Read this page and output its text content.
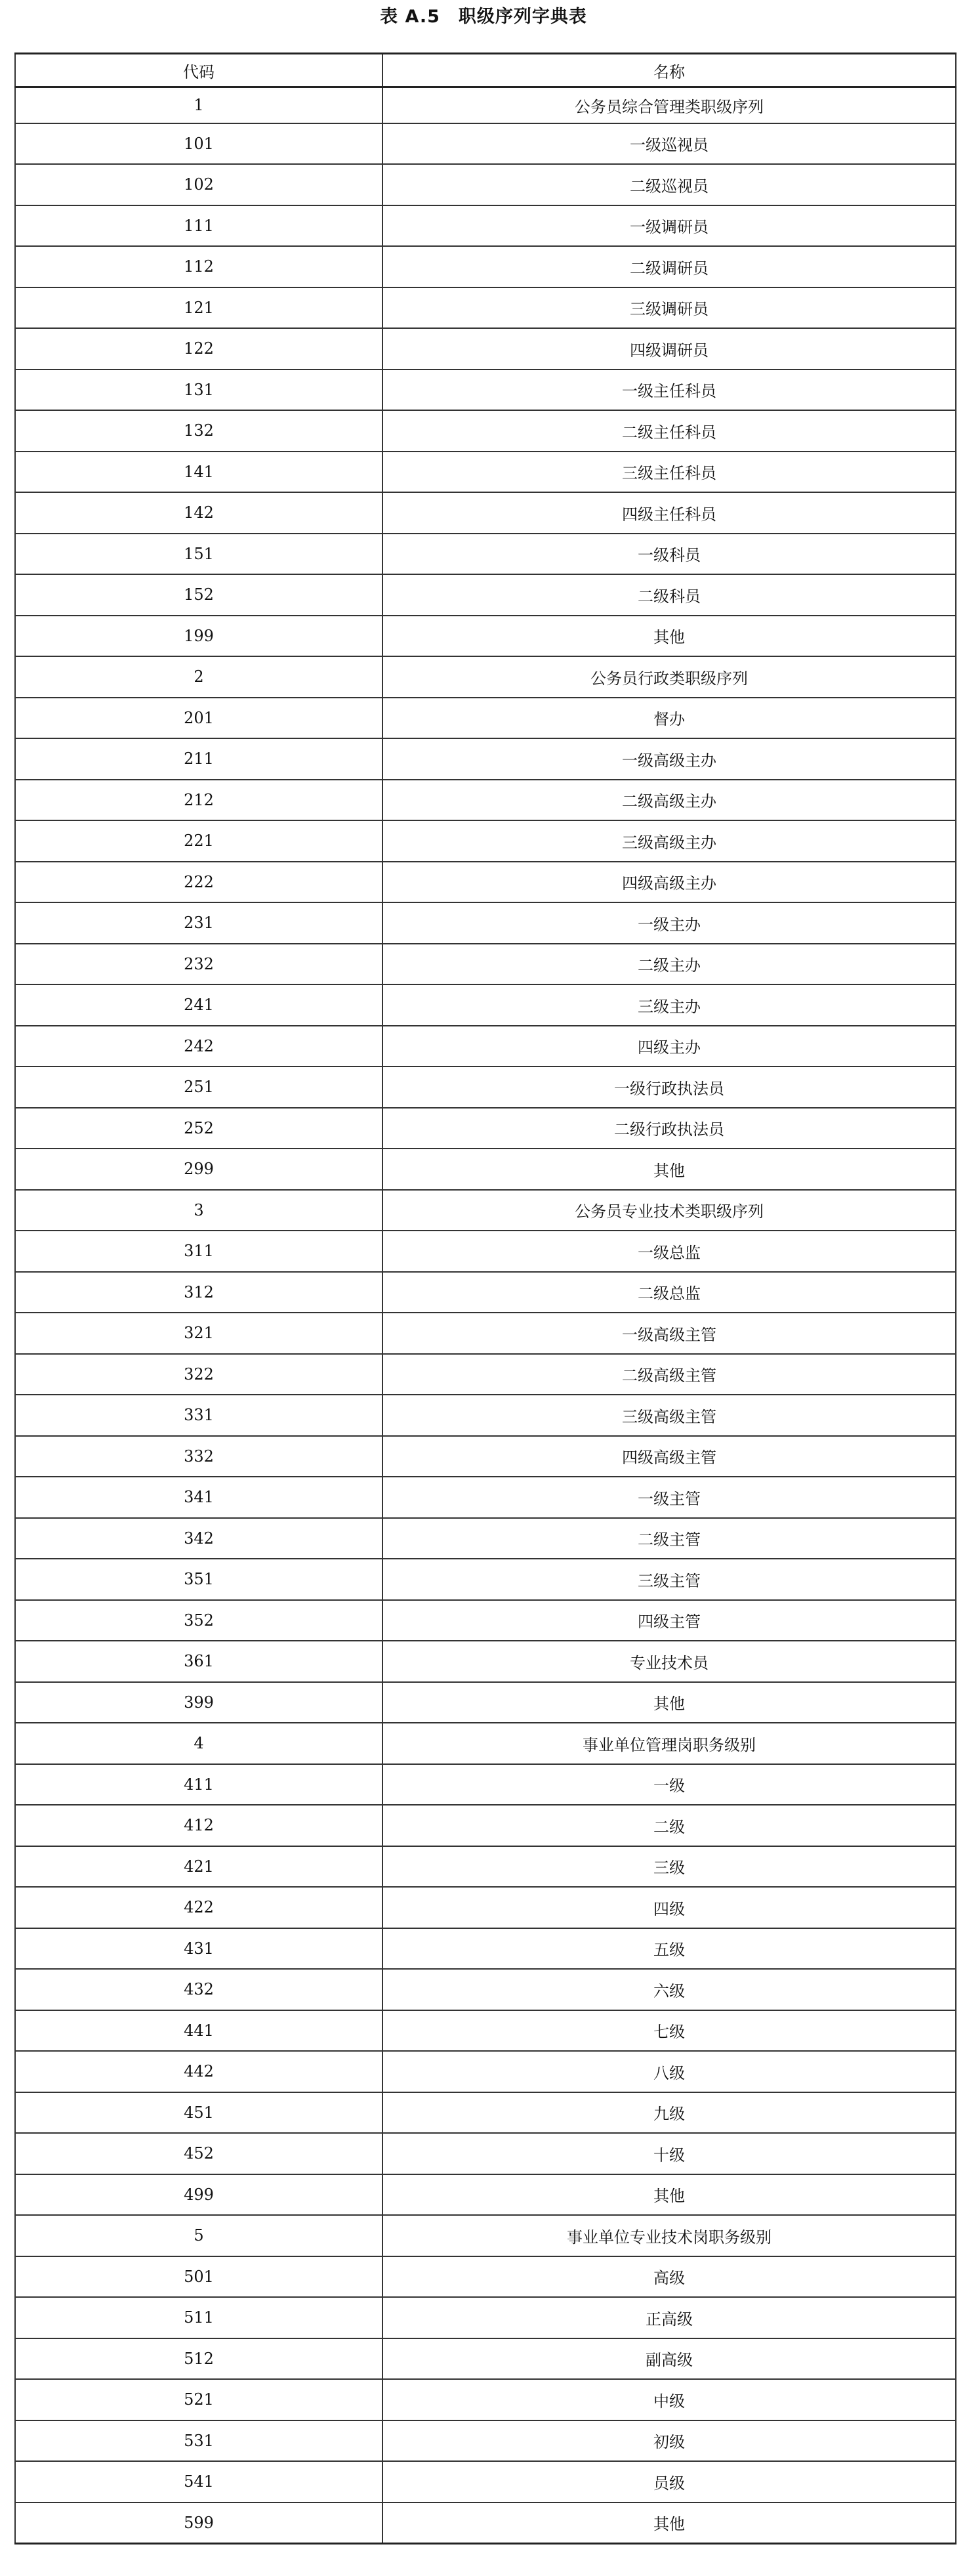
表 A.5　职级序列字典表
代码	名称
1	公务员综合管理类职级序列
101	一级巡视员
102	二级巡视员
111	一级调研员
112	二级调研员
121	三级调研员
122	四级调研员
131	一级主任科员
132	二级主任科员
141	三级主任科员
142	四级主任科员
151	一级科员
152	二级科员
199	其他
2	公务员行政类职级序列
201	督办
211	一级高级主办
212	二级高级主办
221	三级高级主办
222	四级高级主办
231	一级主办
232	二级主办
241	三级主办
242	四级主办
251	一级行政执法员
252	二级行政执法员
299	其他
3	公务员专业技术类职级序列
311	一级总监
312	二级总监
321	一级高级主管
322	二级高级主管
331	三级高级主管
332	四级高级主管
341	一级主管
342	二级主管
351	三级主管
352	四级主管
361	专业技术员
399	其他
4	事业单位管理岗职务级别
411	一级
412	二级
421	三级
422	四级
431	五级
432	六级
441	七级
442	八级
451	九级
452	十级
499	其他
5	事业单位专业技术岗职务级别
501	高级
511	正高级
512	副高级
521	中级
531	初级
541	员级
599	其他
